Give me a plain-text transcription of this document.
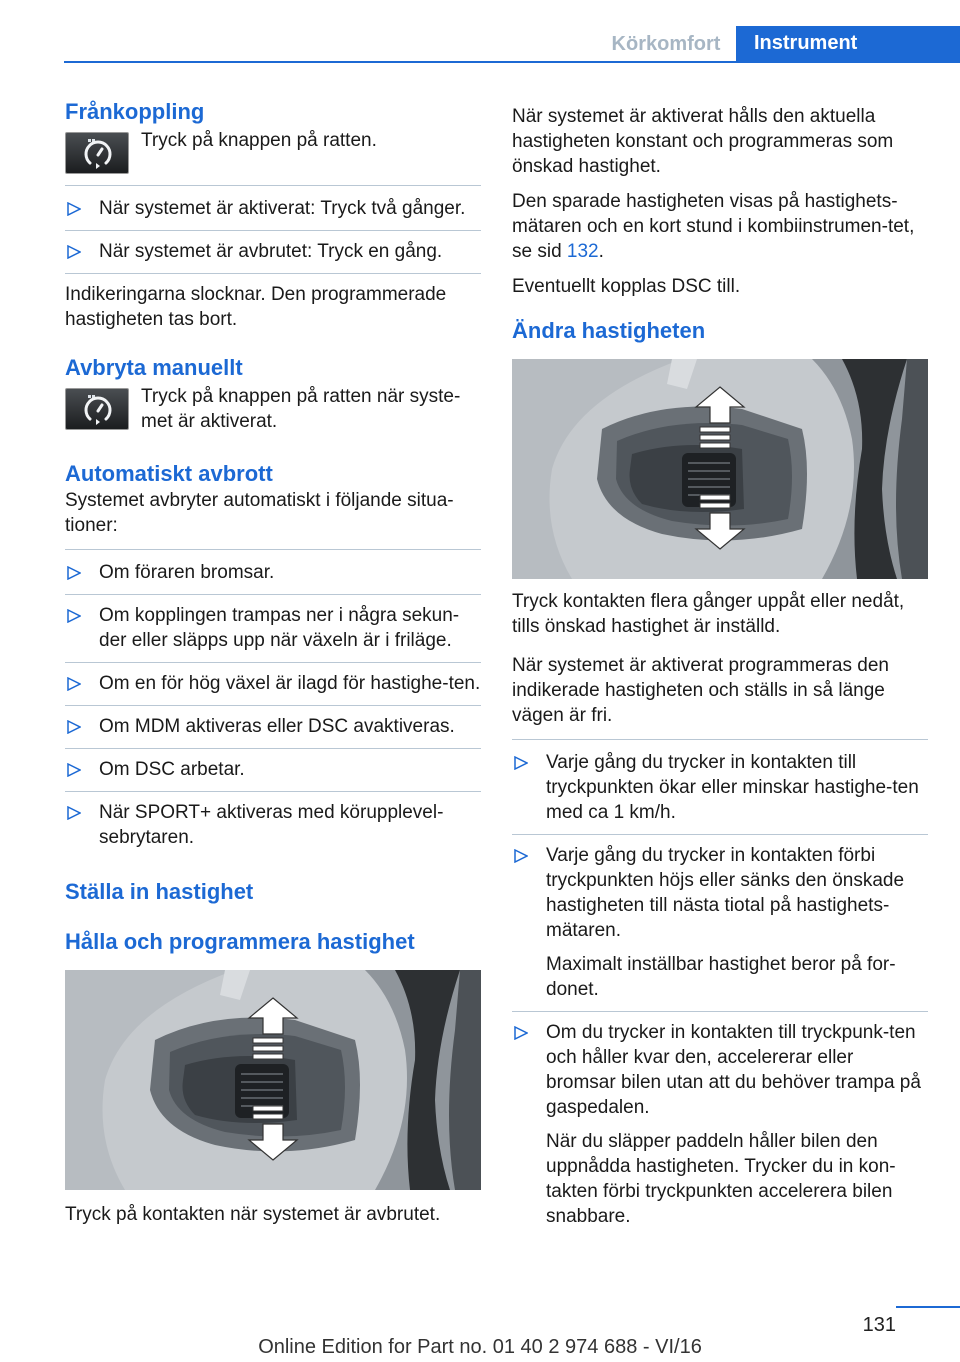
Körkomfort	Instrument
Frånkoppling
Tryck på knappen på ratten.
När systemet är aktiverat: Tryck två gånger.
När systemet är avbrutet: Tryck en gång.

Indikeringarna slocknar. Den programmerade hastigheten tas bort.

Avbryta manuellt
Tryck på knappen på ratten när syste‐met är aktiverat.
Automatiskt avbrott

Systemet avbryter automatiskt i följande situa‐tioner:

Om föraren bromsar.
Om kopplingen trampas ner i några sekun‐der eller släpps upp när växeln är i friläge.
Om en för hög växel är ilagd för hastighe‐ten.
Om MDM aktiveras eller DSC avaktiveras.
Om DSC arbetar.
När SPORT+ aktiveras med körupplevel‐sebrytaren.
Ställa in hastighet
Hålla och programmera hastighet

Tryck på kontakten när systemet är avbrutet.

När systemet är aktiverat hålls den aktuella hastigheten konstant och programmeras som önskad hastighet.

Den sparade hastigheten visas på hastighets‐mätaren och en kort stund i kombiinstrumen‐tet, se sid 132.

Eventuellt kopplas DSC till.

Ändra hastigheten

Tryck kontakten flera gånger uppåt eller nedåt, tills önskad hastighet är inställd.

När systemet är aktiverat programmeras den indikerade hastigheten och ställs in så länge vägen är fri.

Varje gång du trycker in kontakten till tryckpunkten ökar eller minskar hastighe‐ten med ca 1 km/h.
Varje gång du trycker in kontakten förbi tryckpunkten höjs eller sänks den önskade hastigheten till nästa tiotal på hastighets‐mätaren.
Maximalt inställbar hastighet beror på for‐donet.
Om du trycker in kontakten till tryckpunk‐ten och håller kvar den, accelererar eller bromsar bilen utan att du behöver trampa på gaspedalen.
När du släpper paddeln håller bilen den uppnådda hastigheten. Trycker du in kon‐takten förbi tryckpunkten accelerera bilen snabbare.
131
Online Edition for Part no. 01 40 2 974 688 - VI/16
